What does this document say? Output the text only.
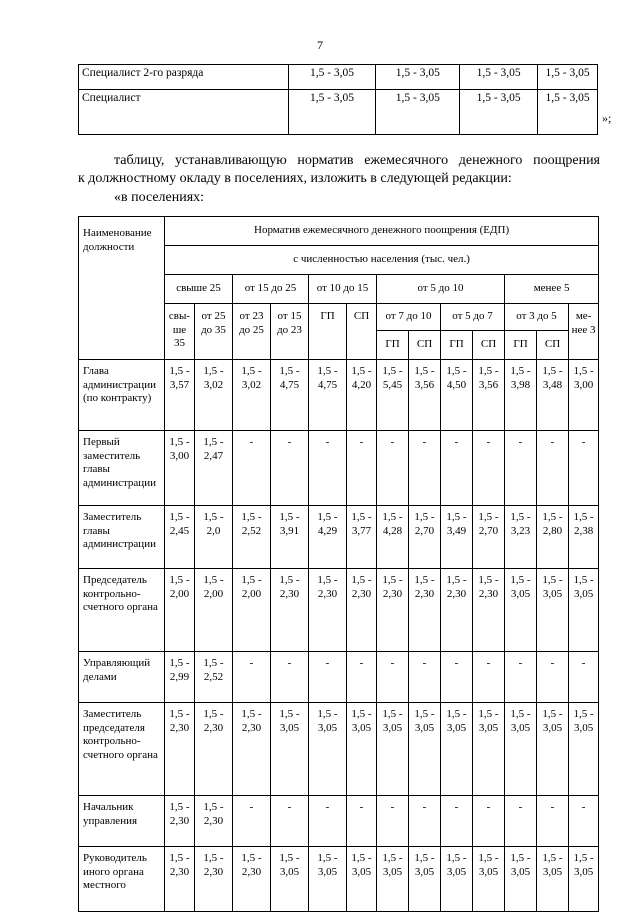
7
Специалист 2-го разряда	1,5 - 3,05	1,5 - 3,05	1,5 - 3,05	1,5 - 3,05
Специалист	1,5 - 3,05	1,5 - 3,05	1,5 - 3,05	1,5 - 3,05
»;
таблицу, устанавливающую норматив ежемесячного денежного поощрения
к должностному окладу в поселениях, изложить в следующей редакции:
«в поселениях:
Наименование должности	Норматив ежемесячного денежного поощрения (ЕДП)												
	с численностью населения (тыс. чел.)												
	свыше 25		от 15 до 25		от 10 до 15		от 5 до 10				менее 5		
	свы-ше 35	от 25 до 35	от 23 до 25	от 15 до 23	ГП	СП	от 7 до 10		от 5 до 7		от 3 до 5		ме-нее 3
							ГП	СП	ГП	СП	ГП	СП	
Глава администрации (по контракту)	1,5 - 3,57	1,5 - 3,02	1,5 - 3,02	1,5 - 4,75	1,5 - 4,75	1,5 - 4,20	1,5 - 5,45	1,5 - 3,56	1,5 - 4,50	1,5 - 3,56	1,5 - 3,98	1,5 - 3,48	1,5 - 3,00
Первый заместитель главы администрации	1,5 - 3,00	1,5 - 2,47	-	-	-	-	-	-	-	-	-	-	-
Заместитель главы администрации	1,5 - 2,45	1,5 - 2,0	1,5 - 2,52	1,5 - 3,91	1,5 - 4,29	1,5 - 3,77	1,5 - 4,28	1,5 - 2,70	1,5 - 3,49	1,5 - 2,70	1,5 - 3,23	1,5 - 2,80	1,5 - 2,38
Председатель контрольно-счетного органа	1,5 - 2,00	1,5 - 2,00	1,5 - 2,00	1,5 - 2,30	1,5 - 2,30	1,5 - 2,30	1,5 - 2,30	1,5 - 2,30	1,5 - 2,30	1,5 - 2,30	1,5 - 3,05	1,5 - 3,05	1,5 - 3,05
Управляющий делами	1,5 - 2,99	1,5 - 2,52	-	-	-	-	-	-	-	-	-	-	-
Заместитель председателя контрольно-счетного органа	1,5 - 2,30	1,5 - 2,30	1,5 - 2,30	1,5 - 3,05	1,5 - 3,05	1,5 - 3,05	1,5 - 3,05	1,5 - 3,05	1,5 - 3,05	1,5 - 3,05	1,5 - 3,05	1,5 - 3,05	1,5 - 3,05
Начальник управления	1,5 - 2,30	1,5 - 2,30	-	-	-	-	-	-	-	-	-	-	-
Руководитель иного органа местного	1,5 - 2,30	1,5 - 2,30	1,5 - 2,30	1,5 - 3,05	1,5 - 3,05	1,5 - 3,05	1,5 - 3,05	1,5 - 3,05	1,5 - 3,05	1,5 - 3,05	1,5 - 3,05	1,5 - 3,05	1,5 - 3,05
